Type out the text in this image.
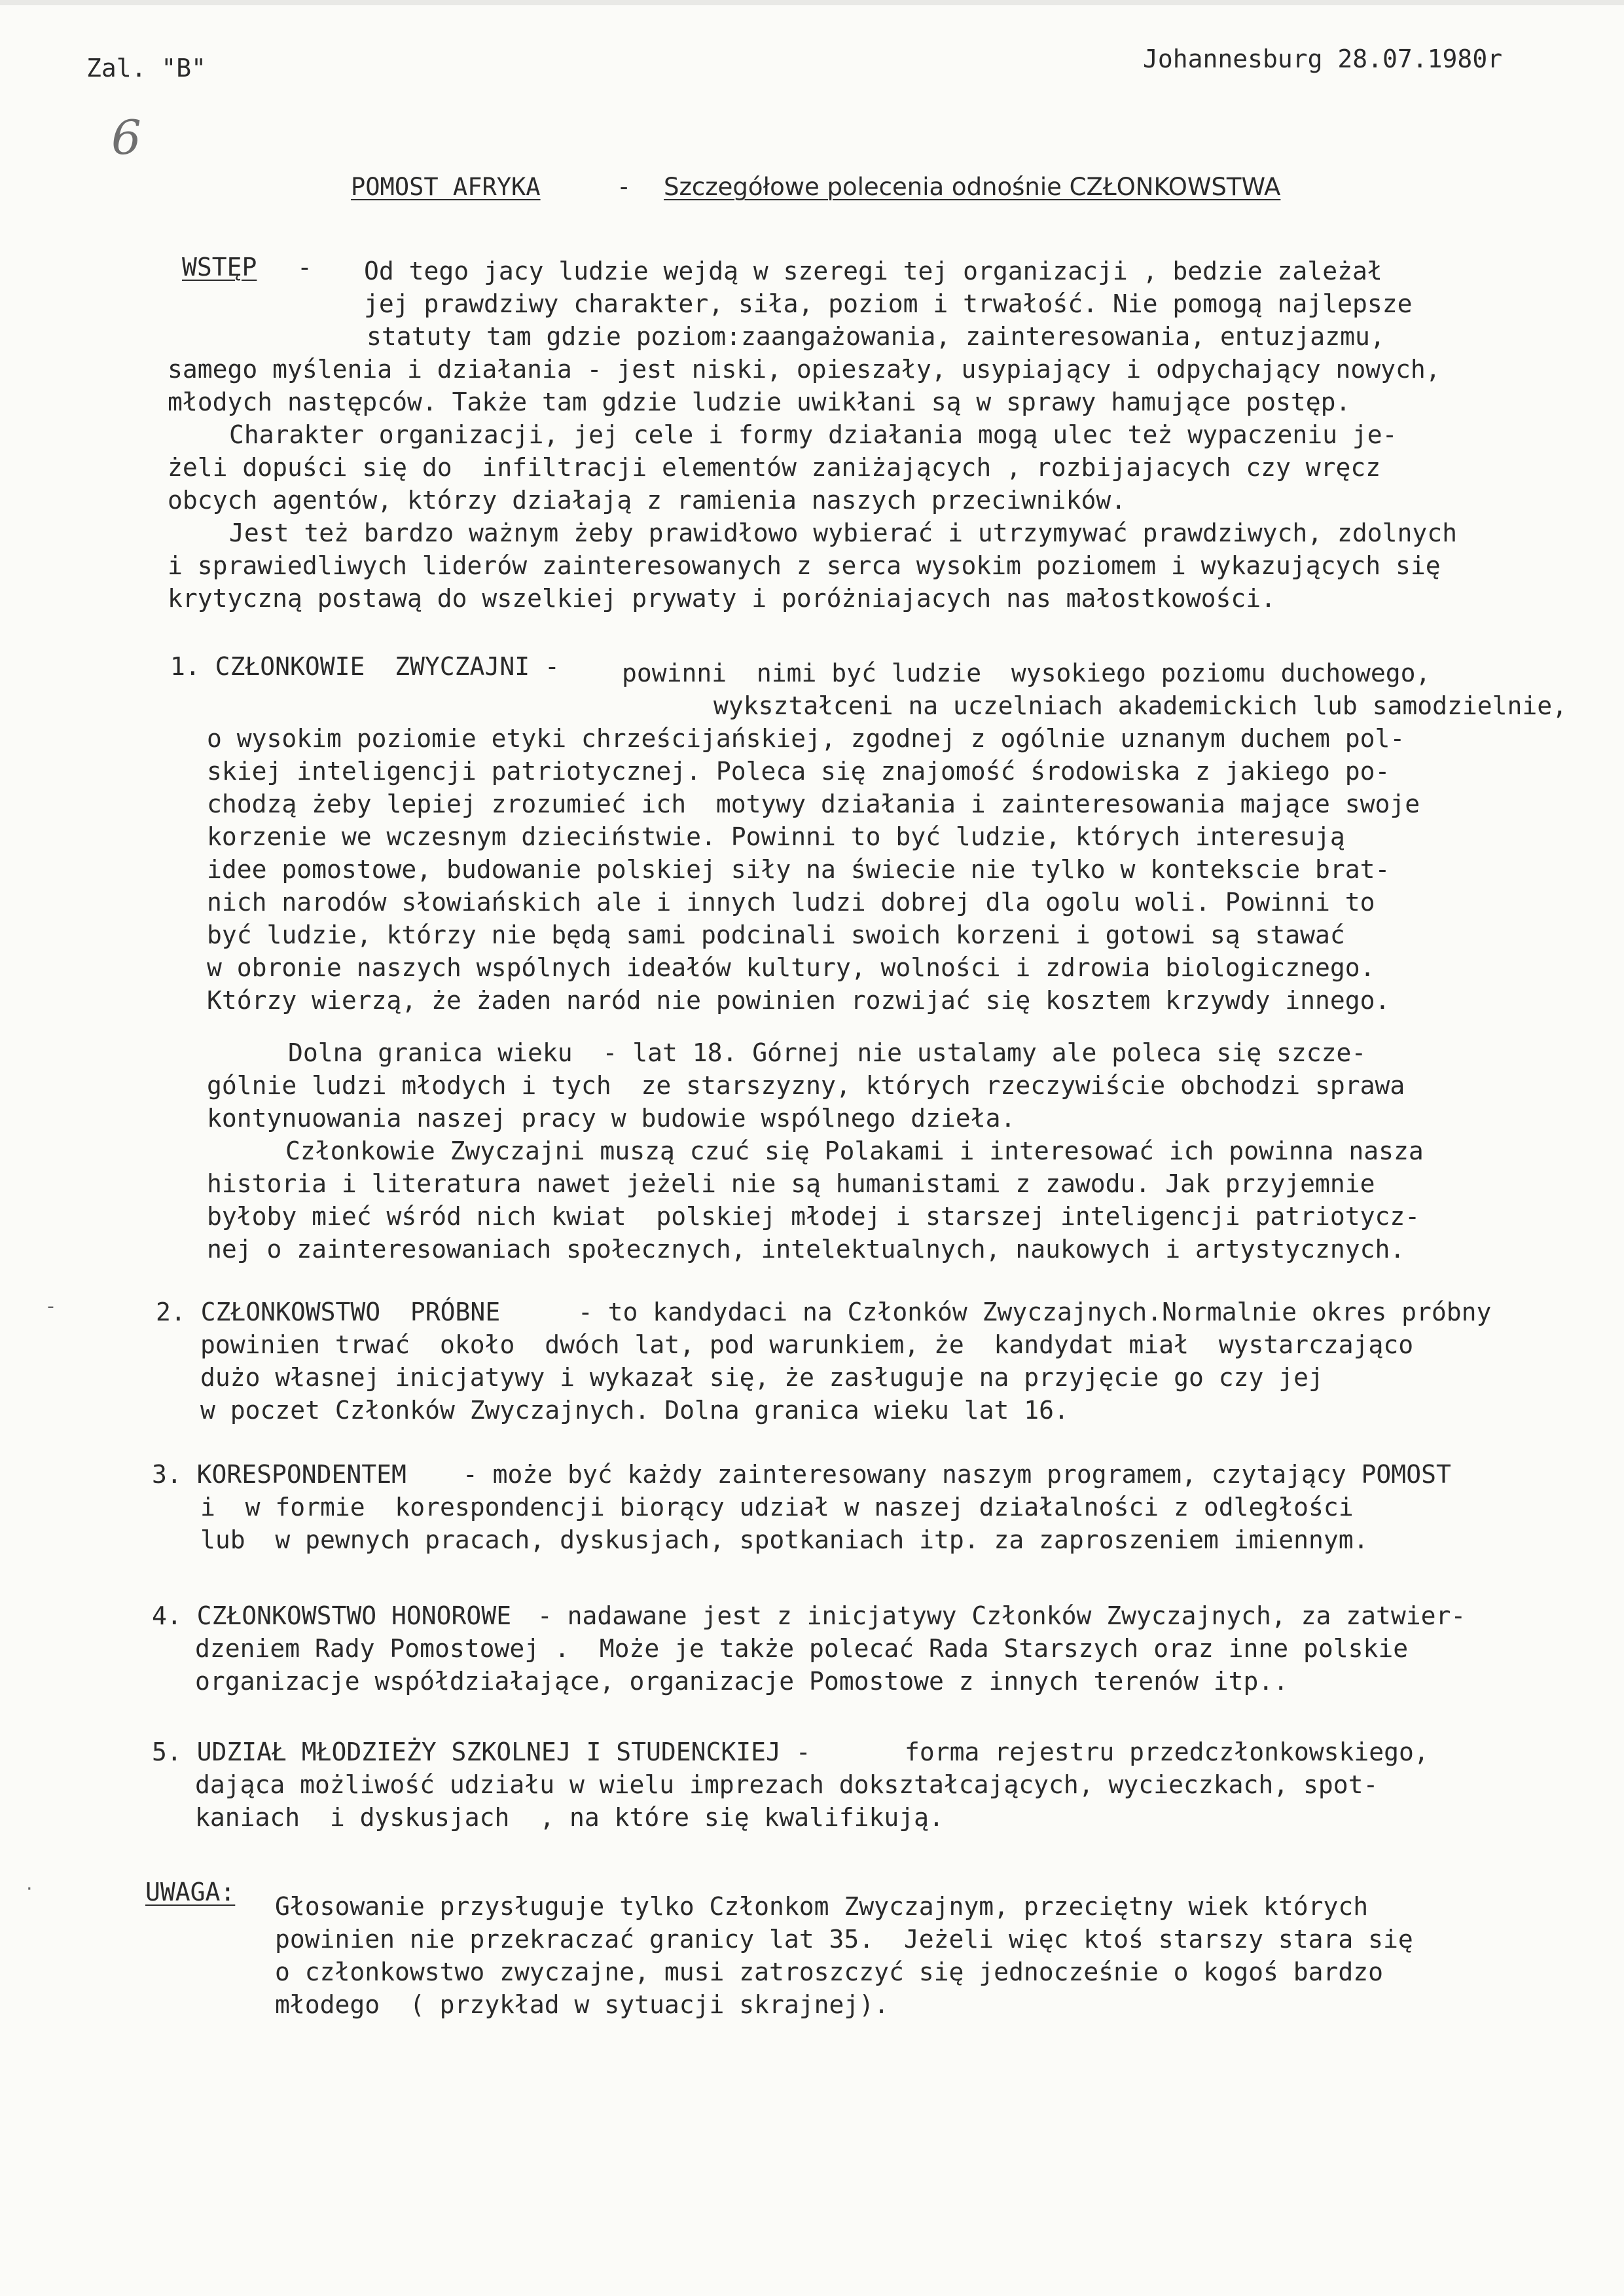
Zal. "B"	Johannesburg 28.07.1980r
6
POMOST AFRYKA	- Szczegółowe polecenia odnośnie CZŁONKOWSTWA
WSTĘP - Od tego jacy ludzie wejdą w szeregi tej organizacji , bedzie zależał
jej prawdziwy charakter, siła, poziom i trwałość. Nie pomogą najlepsze
statuty tam gdzie poziom:zaangażowania, zainteresowania, entuzjazmu,
samego myślenia i działania - jest niski, opieszały, usypiający i odpychający nowych,
młodych następców. Także tam gdzie ludzie uwikłani są w sprawy hamujące postęp.
Charakter organizacji, jej cele i formy działania mogą ulec też wypaczeniu je-
żeli dopuści się do  infiltracji elementów zaniżających , rozbijajacych czy wręcz
obcych agentów, którzy działają z ramienia naszych przeciwników.
Jest też bardzo ważnym żeby prawidłowo wybierać i utrzymywać prawdziwych, zdolnych
i sprawiedliwych liderów zainteresowanych z serca wysokim poziomem i wykazujących się
krytyczną postawą do wszelkiej prywaty i poróżniajacych nas małostkowości.
1. CZŁONKOWIE  ZWYCZAJNI -	powinni  nimi być ludzie  wysokiego poziomu duchowego,
wykształceni na uczelniach akademickich lub samodzielnie,
o wysokim poziomie etyki chrześcijańskiej, zgodnej z ogólnie uznanym duchem pol-
skiej inteligencji patriotycznej. Poleca się znajomość środowiska z jakiego po-
chodzą żeby lepiej zrozumieć ich  motywy działania i zainteresowania mające swoje
korzenie we wczesnym dzieciństwie. Powinni to być ludzie, których interesują
idee pomostowe, budowanie polskiej siły na świecie nie tylko w kontekscie brat-
nich narodów słowiańskich ale i innych ludzi dobrej dla ogolu woli. Powinni to
być ludzie, którzy nie będą sami podcinali swoich korzeni i gotowi są stawać
w obronie naszych wspólnych ideałów kultury, wolności i zdrowia biologicznego.
Którzy wierzą, że żaden naród nie powinien rozwijać się kosztem krzywdy innego.
Dolna granica wieku  - lat 18. Górnej nie ustalamy ale poleca się szcze-
gólnie ludzi młodych i tych  ze starszyzny, których rzeczywiście obchodzi sprawa
kontynuowania naszej pracy w budowie wspólnego dzieła.
Członkowie Zwyczajni muszą czuć się Polakami i interesować ich powinna nasza
historia i literatura nawet jeżeli nie są humanistami z zawodu. Jak przyjemnie
byłoby mieć wśród nich kwiat  polskiej młodej i starszej inteligencji patriotycz-
nej o zainteresowaniach społecznych, intelektualnych, naukowych i artystycznych.
2. CZŁONKOWSTWO  PRÓBNE	- to kandydaci na Członków Zwyczajnych.Normalnie okres próbny
powinien trwać  około  dwóch lat, pod warunkiem, że  kandydat miał  wystarczająco
dużo własnej inicjatywy i wykazał się, że zasługuje na przyjęcie go czy jej
w poczet Członków Zwyczajnych. Dolna granica wieku lat 16.
3. KORESPONDENTEM - może być każdy zainteresowany naszym programem, czytający POMOST
i  w formie  korespondencji biorący udział w naszej działalności z odległości
lub  w pewnych pracach, dyskusjach, spotkaniach itp. za zaproszeniem imiennym.
4. CZŁONKOWSTWO HONOROWE - nadawane jest z inicjatywy Członków Zwyczajnych, za zatwier-
dzeniem Rady Pomostowej .  Może je także polecać Rada Starszych oraz inne polskie
organizacje współdziałające, organizacje Pomostowe z innych terenów itp..
5. UDZIAŁ MŁODZIEŻY SZKOLNEJ I STUDENCKIEJ -	forma rejestru przedczłonkowskiego,
dająca możliwość udziału w wielu imprezach dokształcających, wycieczkach, spot-
kaniach  i dyskusjach  , na które się kwalifikują.
UWAGA: Głosowanie przysługuje tylko Członkom Zwyczajnym, przeciętny wiek których
powinien nie przekraczać granicy lat 35.  Jeżeli więc ktoś starszy stara się
o członkowstwo zwyczajne, musi zatroszczyć się jednocześnie o kogoś bardzo
młodego  ( przykład w sytuacji skrajnej).
-
·
